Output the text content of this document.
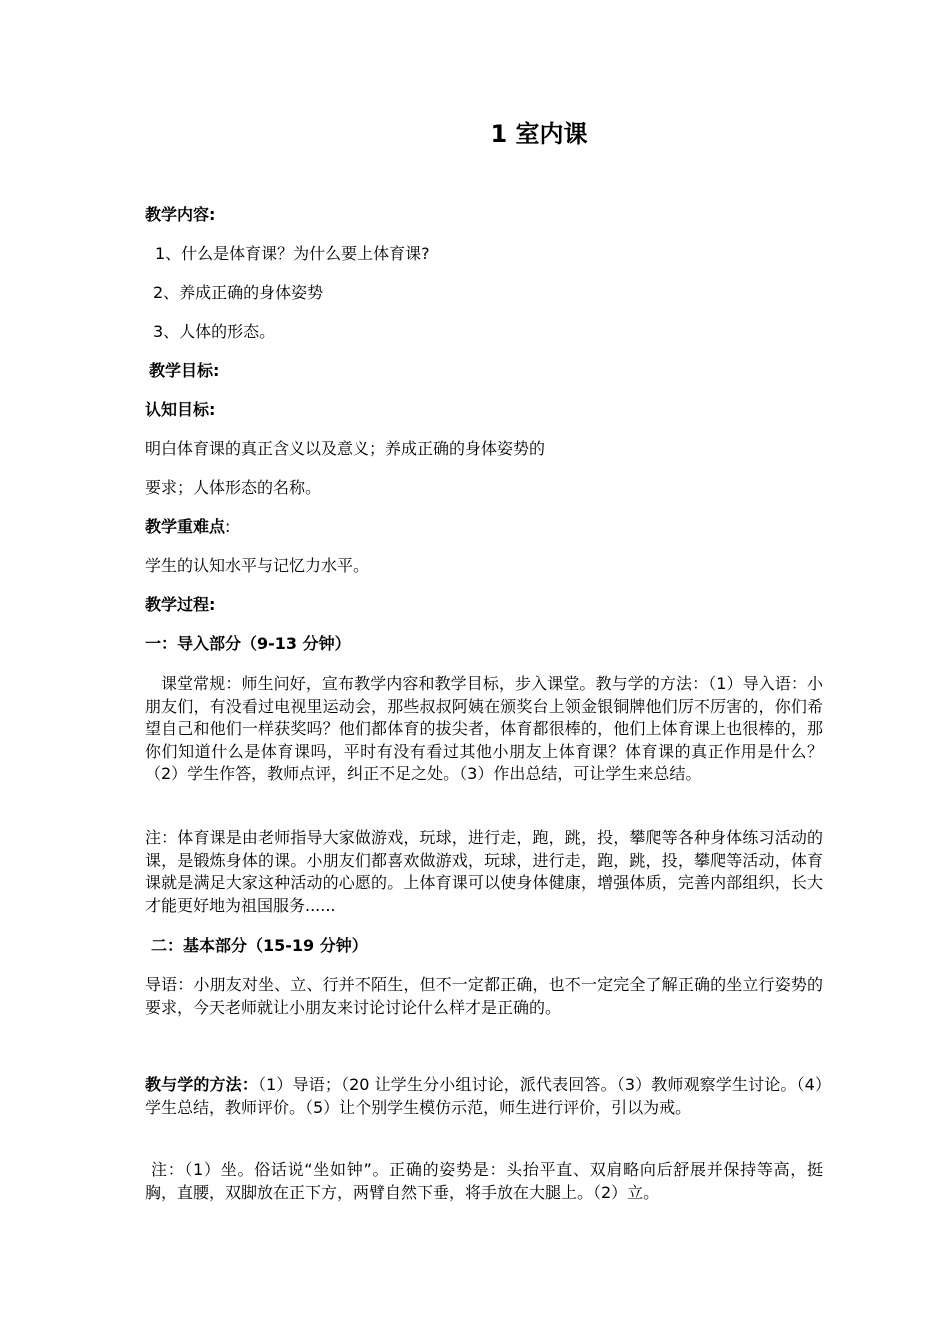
1 室内课
教学内容:
1、什么是体育课？为什么要上体育课?
2、养成正确的身体姿势
3、人体的形态。
教学目标:
认知目标:
明白体育课的真正含义以及意义；养成正确的身体姿势的
要求；人体形态的名称。
教学重难点:
学生的认知水平与记忆力水平。
教学过程:
一：导入部分（9-13 分钟）
课堂常规：师生问好，宣布教学内容和教学目标，步入课堂。教与学的方法：（1）导入语：小朋友们，有没看过电视里运动会，那些叔叔阿姨在颁奖台上领金银铜牌他们厉不厉害的，你们希望自己和他们一样获奖吗？他们都体育的拔尖者，体育都很棒的，他们上体育课上也很棒的，那你们知道什么是体育课吗，平时有没有看过其他小朋友上体育课？体育课的真正作用是什么？（2）学生作答，教师点评，纠正不足之处。（3）作出总结，可让学生来总结。
注：体育课是由老师指导大家做游戏，玩球，进行走，跑，跳，投，攀爬等各种身体练习活动的课，是锻炼身体的课。小朋友们都喜欢做游戏，玩球，进行走，跑，跳，投，攀爬等活动，体育课就是满足大家这种活动的心愿的。上体育课可以使身体健康，增强体质，完善内部组织，长大才能更好地为祖国服务......
二：基本部分（15-19 分钟）
导语：小朋友对坐、立、行并不陌生，但不一定都正确，也不一定完全了解正确的坐立行姿势的要求，今天老师就让小朋友来讨论讨论什么样才是正确的。
教与学的方法：（1）导语；（20 让学生分小组讨论，派代表回答。（3）教师观察学生讨论。（4）学生总结，教师评价。（5）让个别学生模仿示范，师生进行评价，引以为戒。
注：（1）坐。俗话说“坐如钟”。正确的姿势是：头抬平直、双肩略向后舒展并保持等高，挺胸，直腰，双脚放在正下方，两臂自然下垂，将手放在大腿上。（2）立。
